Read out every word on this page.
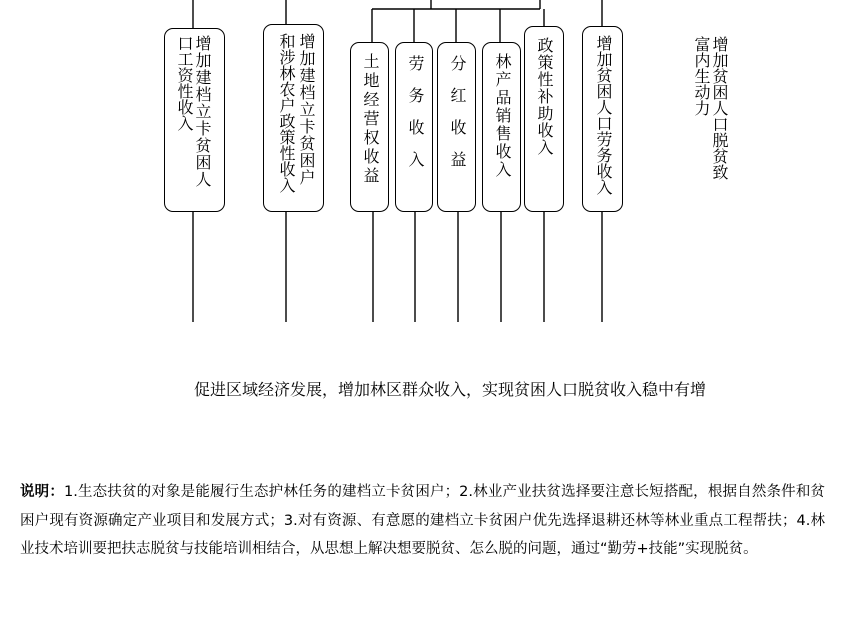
增加建档立卡贫困人
口工资性收入	增加建档立卡贫困户
和涉林农户政策性收入	土地经营权收益 劳务收入 分红收益 林产品销售收入 政策性补助收入	增加贫困人口劳务收入	增加贫困人口脱贫致
富内生动力
促进区域经济发展，增加林区群众收入，实现贫困人口脱贫收入稳中有增
说明：1.生态扶贫的对象是能履行生态护林任务的建档立卡贫困户；2.林业产业扶贫选择要注意长短搭配，根据自然条件和贫困户现有资源确定产业项目和发展方式；3.对有资源、有意愿的建档立卡贫困户优先选择退耕还林等林业重点工程帮扶；4.林业技术培训要把扶志脱贫与技能培训相结合，从思想上解决想要脱贫、怎么脱的问题，通过“勤劳+技能”实现脱贫。
